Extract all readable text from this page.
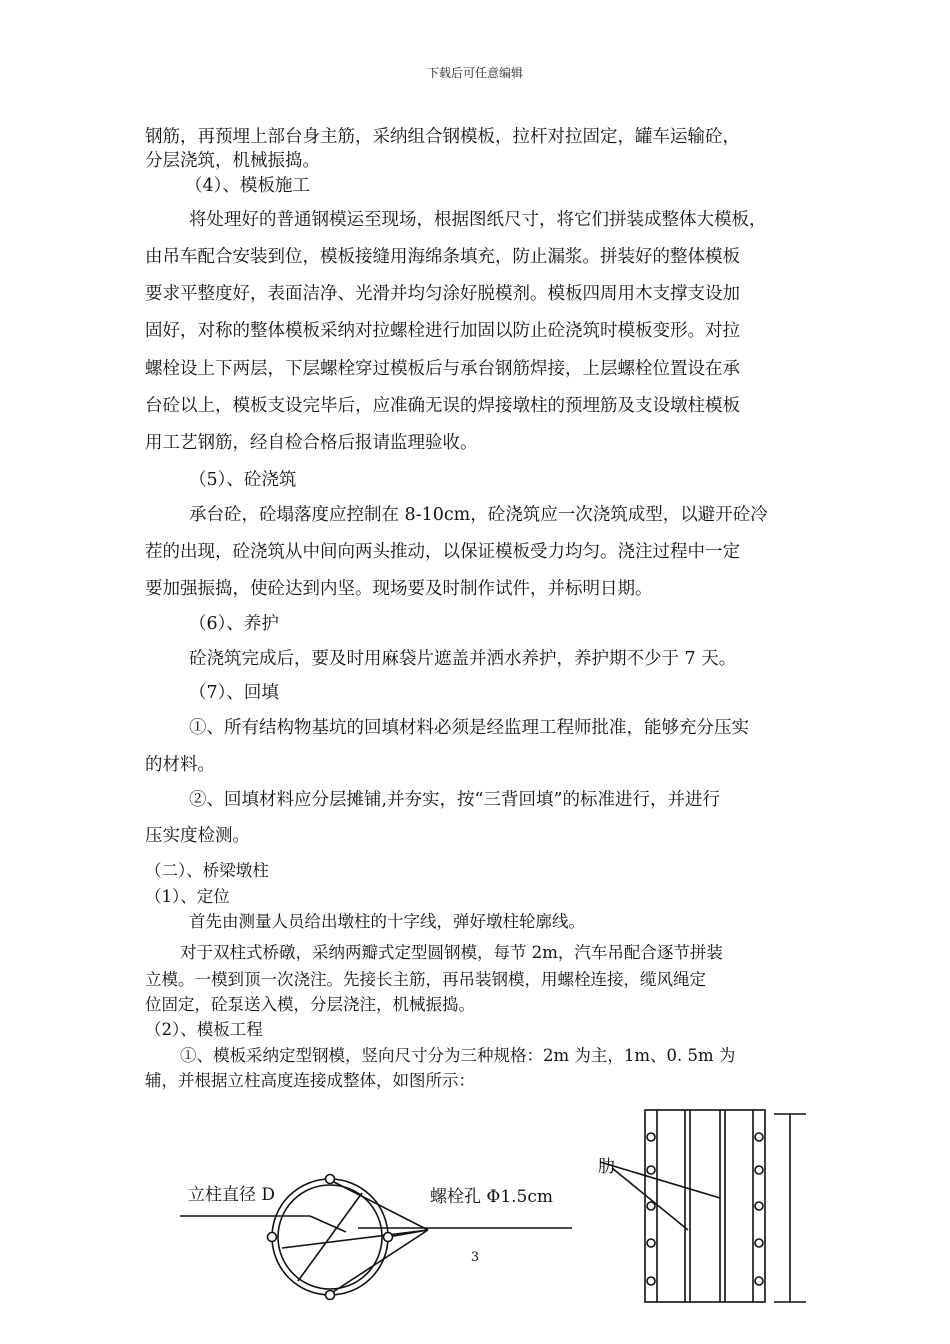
下载后可任意编辑
钢筋，再预埋上部台身主筋，采纳组合钢模板，拉杆对拉固定，罐车运输砼，
分层浇筑，机械振捣。
（4）、模板施工
将处理好的普通钢模运至现场，根据图纸尺寸，将它们拼装成整体大模板，
由吊车配合安装到位，模板接缝用海绵条填充，防止漏浆。拼装好的整体模板
要求平整度好，表面洁净、光滑并均匀涂好脱模剂。模板四周用木支撑支设加
固好，对称的整体模板采纳对拉螺栓进行加固以防止砼浇筑时模板变形。对拉
螺栓设上下两层，下层螺栓穿过模板后与承台钢筋焊接，上层螺栓位置设在承
台砼以上，模板支设完毕后，应准确无误的焊接墩柱的预埋筋及支设墩柱模板
用工艺钢筋，经自检合格后报请监理验收。
（5）、砼浇筑
承台砼，砼塌落度应控制在 8-10cm，砼浇筑应一次浇筑成型，以避开砼冷
茬的出现，砼浇筑从中间向两头推动，以保证模板受力均匀。浇注过程中一定
要加强振捣，使砼达到内坚。现场要及时制作试件，并标明日期。
（6）、养护
砼浇筑完成后，要及时用麻袋片遮盖并洒水养护，养护期不少于 7 天。
（7）、回填
①、所有结构物基坑的回填材料必须是经监理工程师批准，能够充分压实
的材料。
②、回填材料应分层摊铺,并夯实，按“三背回填”的标准进行，并进行
压实度检测。
（二）、桥梁墩柱
（1）、定位
首先由测量人员给出墩柱的十字线，弹好墩柱轮廓线。
对于双柱式桥礅，采纳两瓣式定型圆钢模，每节 2m，汽车吊配合逐节拼装
立模。一模到顶一次浇注。先接长主筋，再吊装钢模，用螺栓连接，缆风绳定
位固定，砼泵送入模，分层浇注，机械振捣。
（2）、模板工程
①、模板采纳定型钢模，竖向尺寸分为三种规格：2m 为主，1m、0. 5m 为
辅，并根据立柱高度连接成整体，如图所示：
立柱直径 D	螺栓孔 Φ1.5cm
肋
3
